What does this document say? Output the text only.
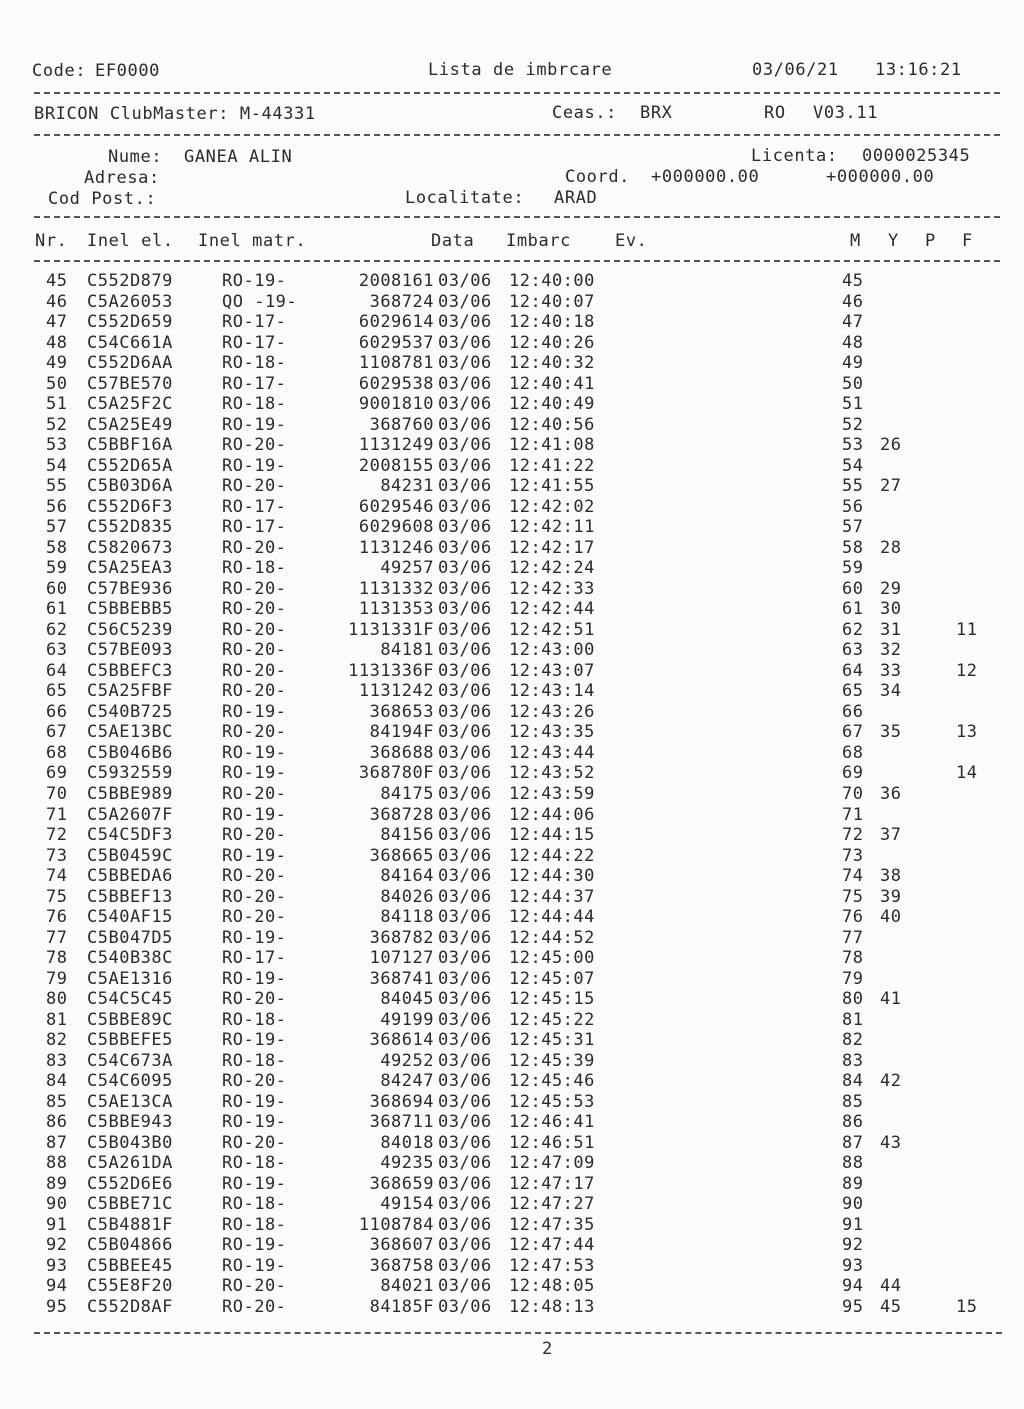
Code: EF0000	Lista de imbrcare	03/06/21 13:16:21
BRICON ClubMaster: M-44331	Ceas.: BRX	RO V03.11
Nume: GANEA ALIN	Licenta: 0000025345
Adresa:	Coord. +000000.00	+000000.00
Cod Post.:	Localitate: ARAD
Nr. Inel el. Inel matr.	Data Imbarc	Ev.	M Y P F
45 C552D879	RO-19-	2008161 03/06 12:40:00	45
46 C5A26053	QO -19-	368724 03/06 12:40:07	46
47 C552D659	RO-17-	6029614 03/06 12:40:18	47
48 C54C661A	RO-17-	6029537 03/06 12:40:26	48
49 C552D6AA	RO-18-	1108781 03/06 12:40:32	49
50 C57BE570	RO-17-	6029538 03/06 12:40:41	50
51 C5A25F2C	RO-18-	9001810 03/06 12:40:49	51
52 C5A25E49	RO-19-	368760 03/06 12:40:56	52
53 C5BBF16A	RO-20-	1131249 03/06 12:41:08	53 26
54 C552D65A	RO-19-	2008155 03/06 12:41:22	54
55 C5B03D6A	RO-20-	84231 03/06 12:41:55	55 27
56 C552D6F3	RO-17-	6029546 03/06 12:42:02	56
57 C552D835	RO-17-	6029608 03/06 12:42:11	57
58 C5820673	RO-20-	1131246 03/06 12:42:17	58 28
59 C5A25EA3	RO-18-	49257 03/06 12:42:24	59
60 C57BE936	RO-20-	1131332 03/06 12:42:33	60 29
61 C5BBEBB5	RO-20-	1131353 03/06 12:42:44	61 30
62 C56C5239	RO-20-	1131331F 03/06 12:42:51	62 31	11
63 C57BE093	RO-20-	84181 03/06 12:43:00	63 32
64 C5BBEFC3	RO-20-	1131336F 03/06 12:43:07	64 33	12
65 C5A25FBF	RO-20-	1131242 03/06 12:43:14	65 34
66 C540B725	RO-19-	368653 03/06 12:43:26	66
67 C5AE13BC	RO-20-	84194F 03/06 12:43:35	67 35	13
68 C5B046B6	RO-19-	368688 03/06 12:43:44	68
69 C5932559	RO-19-	368780F 03/06 12:43:52	69	14
70 C5BBE989	RO-20-	84175 03/06 12:43:59	70 36
71 C5A2607F	RO-19-	368728 03/06 12:44:06	71
72 C54C5DF3	RO-20-	84156 03/06 12:44:15	72 37
73 C5B0459C	RO-19-	368665 03/06 12:44:22	73
74 C5BBEDA6	RO-20-	84164 03/06 12:44:30	74 38
75 C5BBEF13	RO-20-	84026 03/06 12:44:37	75 39
76 C540AF15	RO-20-	84118 03/06 12:44:44	76 40
77 C5B047D5	RO-19-	368782 03/06 12:44:52	77
78 C540B38C	RO-17-	107127 03/06 12:45:00	78
79 C5AE1316	RO-19-	368741 03/06 12:45:07	79
80 C54C5C45	RO-20-	84045 03/06 12:45:15	80 41
81 C5BBE89C	RO-18-	49199 03/06 12:45:22	81
82 C5BBEFE5	RO-19-	368614 03/06 12:45:31	82
83 C54C673A	RO-18-	49252 03/06 12:45:39	83
84 C54C6095	RO-20-	84247 03/06 12:45:46	84 42
85 C5AE13CA	RO-19-	368694 03/06 12:45:53	85
86 C5BBE943	RO-19-	368711 03/06 12:46:41	86
87 C5B043B0	RO-20-	84018 03/06 12:46:51	87 43
88 C5A261DA	RO-18-	49235 03/06 12:47:09	88
89 C552D6E6	RO-19-	368659 03/06 12:47:17	89
90 C5BBE71C	RO-18-	49154 03/06 12:47:27	90
91 C5B4881F	RO-18-	1108784 03/06 12:47:35	91
92 C5B04866	RO-19-	368607 03/06 12:47:44	92
93 C5BBEE45	RO-19-	368758 03/06 12:47:53	93
94 C55E8F20	RO-20-	84021 03/06 12:48:05	94 44
95 C552D8AF	RO-20-	84185F 03/06 12:48:13	95 45	15
2
